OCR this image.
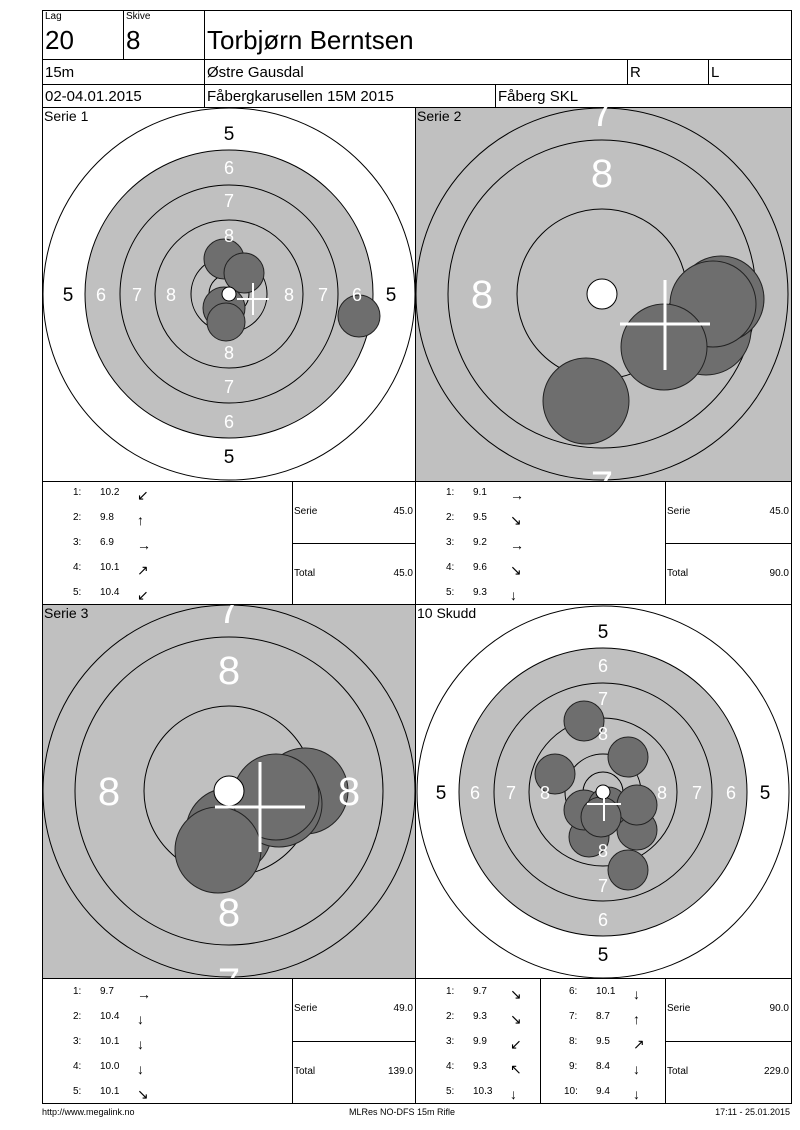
Lag
20
Skive
8	Torbjørn Berntsen
15m	Østre Gausdal	R	L
02-04.01.2015	Fåbergkarusellen 15M 2015	Fåberg SKL
5
5
5	5
6
6
6	6
7
7
7	7
8
8
8	8
Serie 1
8
8
7
7
Serie 2
8
8
8	8
7
7
Serie 3
5
5
5	5
6
6
6	6
7
7
7	7
8
8
8	8
10 Skudd
1: 10.2 ↙
2: 9.8 ↑
3: 6.9 →
4: 10.1 ↗
5: 10.4 ↙
Serie	45.0
Total	45.0
1: 9.1 →
2: 9.5 ↘
3: 9.2 →
4: 9.6 ↘
5: 9.3 ↓
Serie	45.0
Total	90.0
1: 9.7 →
2: 10.4 ↓
3: 10.1 ↓
4: 10.0 ↓
5: 10.1 ↘
Serie	49.0
Total	139.0
1: 9.7 ↘
2: 9.3 ↘
3: 9.9 ↙
4: 9.3 ↖
5: 10.3 ↓
6: 10.1 ↓
7: 8.7 ↑
8: 9.5 ↗
9: 8.4 ↓
10: 9.4 ↓
Serie	90.0
Total	229.0
http://www.megalink.no	MLRes NO-DFS 15m Rifle	17:11 - 25.01.2015
